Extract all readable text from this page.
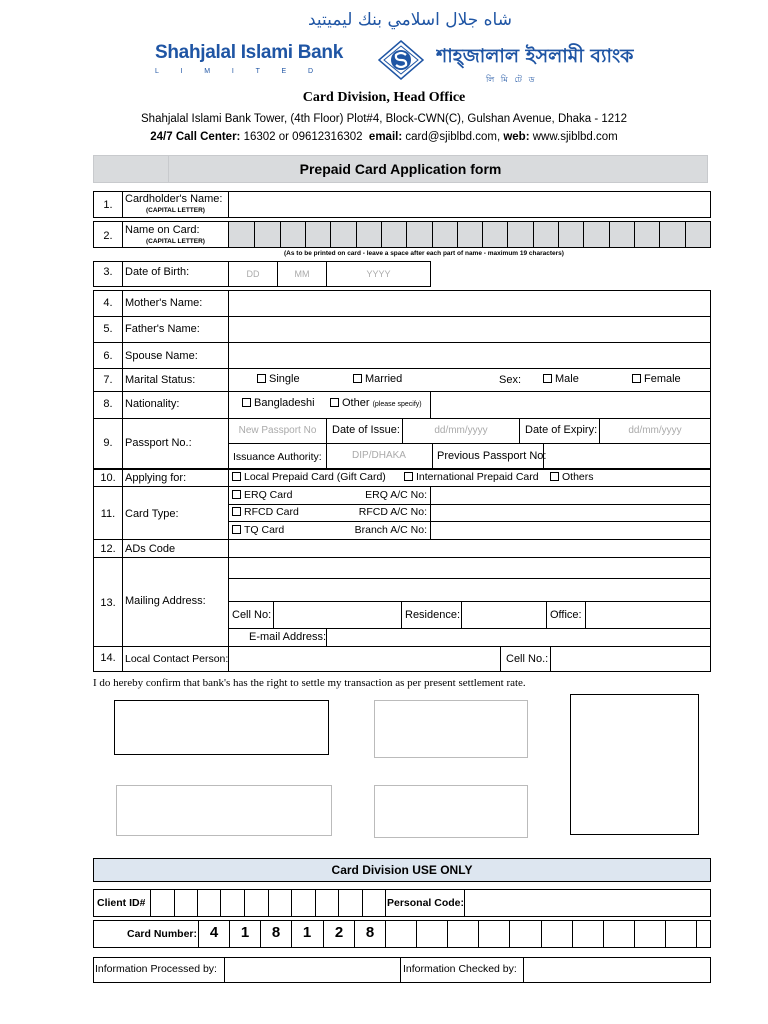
شاه جلال اسلامي بنك ليميتيد
Shahjalal Islami Bank
L   I   M   I   T   E   D
শাহ্‌জালাল ইসলামী ব্যাংক
লি   মি   টে   ড
Card Division, Head Office
Shahjalal Islami Bank Tower, (4th Floor) Plot#4, Block-CWN(C), Gulshan Avenue, Dhaka - 1212
24/7 Call Center: 16302 or 09612316302 email: card@sjiblbd.com, web: www.sjiblbd.com
Prepaid Card Application form
1.	Cardholder's Name:
(CAPITAL LETTER)
2.	Name on Card:
(CAPITAL LETTER)
(As to be printed on card - leave a space after each part of name - maximum 19 characters)
3.	Date of Birth:	DD	MM	YYYY
4.	Mother's Name:
5.	Father's Name:
6.	Spouse Name:
7.	Marital Status:	Single	Married	Sex:	Male	Female
8.	Nationality:	Bangladeshi	Other (please specify)
9.	Passport No.:
New Passport No	Date of Issue:	dd/mm/yyyy	Date of Expiry:	dd/mm/yyyy
Issuance Authority:	DIP/DHAKA	Previous Passport No:
10. Applying for:	Local Prepaid Card (Gift Card)	International Prepaid Card	Others
11. Card Type:
ERQ Card	ERQ A/C No:
RFCD Card	RFCD A/C No:
TQ Card	Branch A/C No:
12. ADs Code
13. Mailing Address:
Cell No:	Residence:	Office:
E-mail Address:
14. Local Contact Person:	Cell No.:
I do hereby confirm that bank's has the right to settle my transaction as per present settlement rate.
Card Division USE ONLY
Client ID#	Personal Code:
Card Number: 4	1	8	1	2	8
Information Processed by:	Information Checked by:
